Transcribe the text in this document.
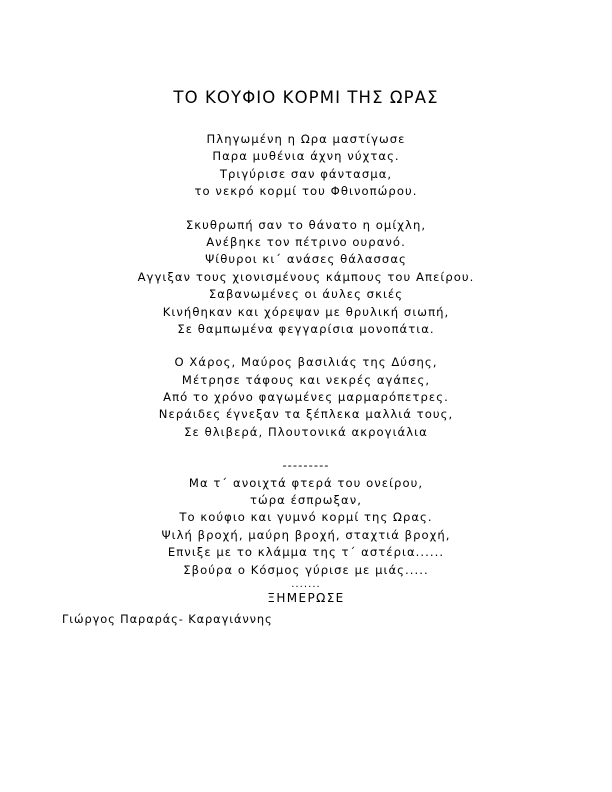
ΤΟ ΚΟΥΦΙΟ ΚΟΡΜΙ ΤΗΣ ΩΡΑΣ
Πληγωμένη η Ωρα μαστίγωσε
Παρα μυθένια άχνη νύχτας.
Τριγύρισε σαν φάντασμα,
το νεκρό κορμί του Φθινοπώρου.
Σκυθρωπή σαν το θάνατο η ομίχλη,
Ανέβηκε τον πέτρινο ουρανό.
Ψίθυροι κι΄ ανάσες θάλασσας
Αγγιξαν τους χιονισμένους κάμπους του Απείρου.
Σαβανωμένες οι άυλες σκιές
Κινήθηκαν και χόρεψαν με θρυλική σιωπή,
Σε θαμπωμένα φεγγαρίσια μονοπάτια.
Ο Χάρος, Μαύρος βασιλιάς της Δύσης,
Μέτρησε τάφους και νεκρές αγάπες,
Από το χρόνο φαγωμένες μαρμαρόπετρες.
Νεράιδες έγνεξαν τα ξέπλεκα μαλλιά τους,
Σε θλιβερά, Πλουτονικά ακρογιάλια
---------
Μα τ΄ ανοιχτά φτερά του ονείρου,
τώρα έσπρωξαν,
Το κούφιο και γυμνό κορμί της Ωρας.
Ψιλή βροχή, μαύρη βροχή, σταχτιά βροχή,
Επνιξε με το κλάμμα της τ΄ αστέρια......
Σβούρα ο Κόσμος γύρισε με μιάς.....
.......
ΞΗΜΕΡΩΣΕ
Γιώργος Παραράς- Καραγιάννης
